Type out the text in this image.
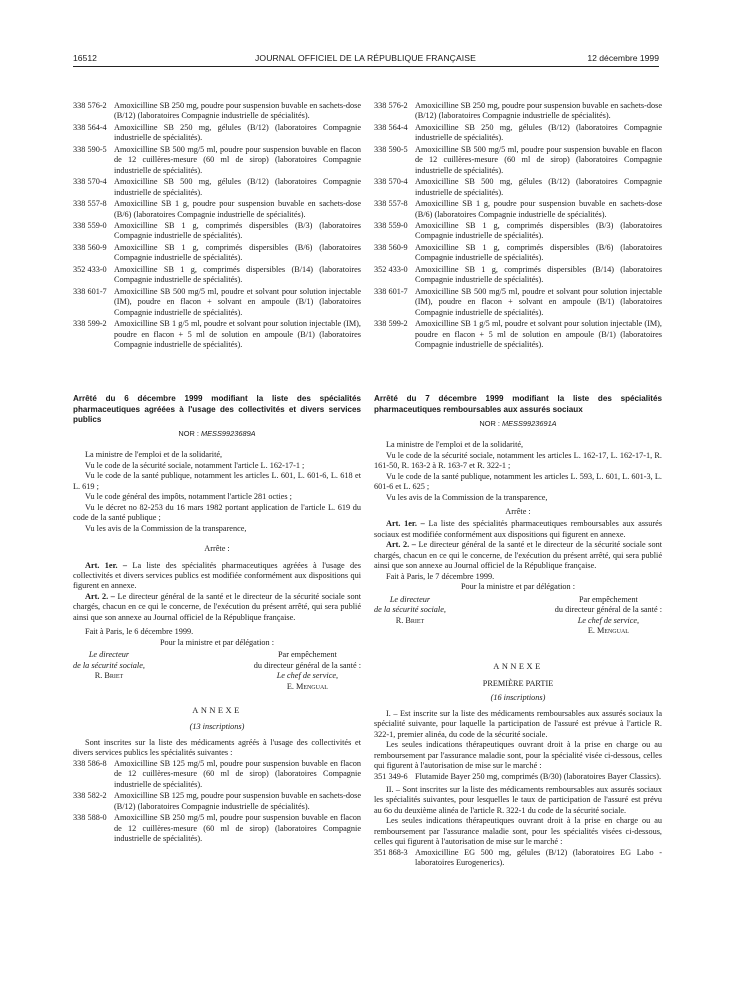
16512	JOURNAL OFFICIEL DE LA RÉPUBLIQUE FRANÇAISE	12 décembre 1999
338 576-2 Amoxicilline SB 250 mg, poudre pour suspension buvable en sachets-dose (B/12) (laboratoires Compagnie industrielle de spécialités).
338 564-4 Amoxicilline SB 250 mg, gélules (B/12) (laboratoires Compagnie industrielle de spécialités).
338 590-5 Amoxicilline SB 500 mg/5 ml, poudre pour suspension buvable en flacon de 12 cuillères-mesure (60 ml de sirop) (laboratoires Compagnie industrielle de spécialités).
338 570-4 Amoxicilline SB 500 mg, gélules (B/12) (laboratoires Compagnie industrielle de spécialités).
338 557-8 Amoxicilline SB 1 g, poudre pour suspension buvable en sachets-dose (B/6) (laboratoires Compagnie industrielle de spécialités).
338 559-0 Amoxicilline SB 1 g, comprimés dispersibles (B/3) (laboratoires Compagnie industrielle de spécialités).
338 560-9 Amoxicilline SB 1 g, comprimés dispersibles (B/6) (laboratoires Compagnie industrielle de spécialités).
352 433-0 Amoxicilline SB 1 g, comprimés dispersibles (B/14) (laboratoires Compagnie industrielle de spécialités).
338 601-7 Amoxicilline SB 500 mg/5 ml, poudre et solvant pour solution injectable (IM), poudre en flacon + solvant en ampoule (B/1) (laboratoires Compagnie industrielle de spécialités).
338 599-2 Amoxicilline SB 1 g/5 ml, poudre et solvant pour solution injectable (IM), poudre en flacon + 5 ml de solution en ampoule (B/1) (laboratoires Compagnie industrielle de spécialités).
Arrêté du 6 décembre 1999 modifiant la liste des spécialités pharmaceutiques agréées à l'usage des collectivités et divers services publics
NOR : MESS9923689A

La ministre de l'emploi et de la solidarité,

Vu le code de la sécurité sociale, notamment l'article L. 162-17-1 ;

Vu le code de la santé publique, notamment les articles L. 601, L. 601-6, L. 618 et L. 619 ;

Vu le code général des impôts, notamment l'article 281 octies ;

Vu le décret no 82-253 du 16 mars 1982 portant application de l'article L. 619 du code de la santé publique ;

Vu les avis de la Commission de la transparence,

Arrête :

Art. 1er. – La liste des spécialités pharmaceutiques agréées à l'usage des collectivités et divers services publics est modifiée conformément aux dispositions qui figurent en annexe.

Art. 2. – Le directeur général de la santé et le directeur de la sécurité sociale sont chargés, chacun en ce qui le concerne, de l'exécution du présent arrêté, qui sera publié ainsi que son annexe au Journal officiel de la République française.

Fait à Paris, le 6 décembre 1999.

Pour la ministre et par délégation :

Le directeur
de la sécurité sociale,
R. Briet
Par empêchement
du directeur général de la santé :
Le chef de service,
E. Mengual
ANNEXE
(13 inscriptions)

Sont inscrites sur la liste des médicaments agréés à l'usage des collectivités et divers services publics les spécialités suivantes :

338 586-8 Amoxicilline SB 125 mg/5 ml, poudre pour suspension buvable en flacon de 12 cuillères-mesure (60 ml de sirop) (laboratoires Compagnie industrielle de spécialités).
338 582-2 Amoxicilline SB 125 mg, poudre pour suspension buvable en sachets-dose (B/12) (laboratoires Compagnie industrielle de spécialités).
338 588-0 Amoxicilline SB 250 mg/5 ml, poudre pour suspension buvable en flacon de 12 cuillères-mesure (60 ml de sirop) (laboratoires Compagnie industrielle de spécialités).
338 576-2 Amoxicilline SB 250 mg, poudre pour suspension buvable en sachets-dose (B/12) (laboratoires Compagnie industrielle de spécialités).
338 564-4 Amoxicilline SB 250 mg, gélules (B/12) (laboratoires Compagnie industrielle de spécialités).
338 590-5 Amoxicilline SB 500 mg/5 ml, poudre pour suspension buvable en flacon de 12 cuillères-mesure (60 ml de sirop) (laboratoires Compagnie industrielle de spécialités).
338 570-4 Amoxicilline SB 500 mg, gélules (B/12) (laboratoires Compagnie industrielle de spécialités).
338 557-8 Amoxicilline SB 1 g, poudre pour suspension buvable en sachets-dose (B/6) (laboratoires Compagnie industrielle de spécialités).
338 559-0 Amoxicilline SB 1 g, comprimés dispersibles (B/3) (laboratoires Compagnie industrielle de spécialités).
338 560-9 Amoxicilline SB 1 g, comprimés dispersibles (B/6) (laboratoires Compagnie industrielle de spécialités).
352 433-0 Amoxicilline SB 1 g, comprimés dispersibles (B/14) (laboratoires Compagnie industrielle de spécialités).
338 601-7 Amoxicilline SB 500 mg/5 ml, poudre et solvant pour solution injectable (IM), poudre en flacon + solvant en ampoule (B/1) (laboratoires Compagnie industrielle de spécialités).
338 599-2 Amoxicilline SB 1 g/5 ml, poudre et solvant pour solution injectable (IM), poudre en flacon + 5 ml de solution en ampoule (B/1) (laboratoires Compagnie industrielle de spécialités).
Arrêté du 7 décembre 1999 modifiant la liste des spécialités pharmaceutiques remboursables aux assurés sociaux
NOR : MESS9923691A

La ministre de l'emploi et de la solidarité,

Vu le code de la sécurité sociale, notamment les articles L. 162-17, L. 162-17-1, R. 161-50, R. 163-2 à R. 163-7 et R. 322-1 ;

Vu le code de la santé publique, notamment les articles L. 593, L. 601, L. 601-3, L. 601-6 et L. 625 ;

Vu les avis de la Commission de la transparence,

Arrête :

Art. 1er. – La liste des spécialités pharmaceutiques remboursables aux assurés sociaux est modifiée conformément aux dispositions qui figurent en annexe.

Art. 2. – Le directeur général de la santé et le directeur de la sécurité sociale sont chargés, chacun en ce qui le concerne, de l'exécution du présent arrêté, qui sera publié ainsi que son annexe au Journal officiel de la République française.

Fait à Paris, le 7 décembre 1999.

Pour la ministre et par délégation :

Le directeur
de la sécurité sociale,
R. Briet
Par empêchement
du directeur général de la santé :
Le chef de service,
E. Mengual
ANNEXE
PREMIÈRE PARTIE
(16 inscriptions)

I. – Est inscrite sur la liste des médicaments remboursables aux assurés sociaux la spécialité suivante, pour laquelle la participation de l'assuré est prévue à l'article R. 322-1, premier alinéa, du code de la sécurité sociale.

Les seules indications thérapeutiques ouvrant droit à la prise en charge ou au remboursement par l'assurance maladie sont, pour la spécialité visée ci-dessous, celles qui figurent à l'autorisation de mise sur le marché :

351 349-6 Flutamide Bayer 250 mg, comprimés (B/30) (laboratoires Bayer Classics).

II. – Sont inscrites sur la liste des médicaments remboursables aux assurés sociaux les spécialités suivantes, pour lesquelles le taux de participation de l'assuré est prévu au 6o du deuxième alinéa de l'article R. 322-1 du code de la sécurité sociale.

Les seules indications thérapeutiques ouvrant droit à la prise en charge ou au remboursement par l'assurance maladie sont, pour les spécialités visées ci-dessous, celles qui figurent à l'autorisation de mise sur le marché :

351 868-3 Amoxicilline EG 500 mg, gélules (B/12) (laboratoires EG Labo - laboratoires Eurogenerics).
